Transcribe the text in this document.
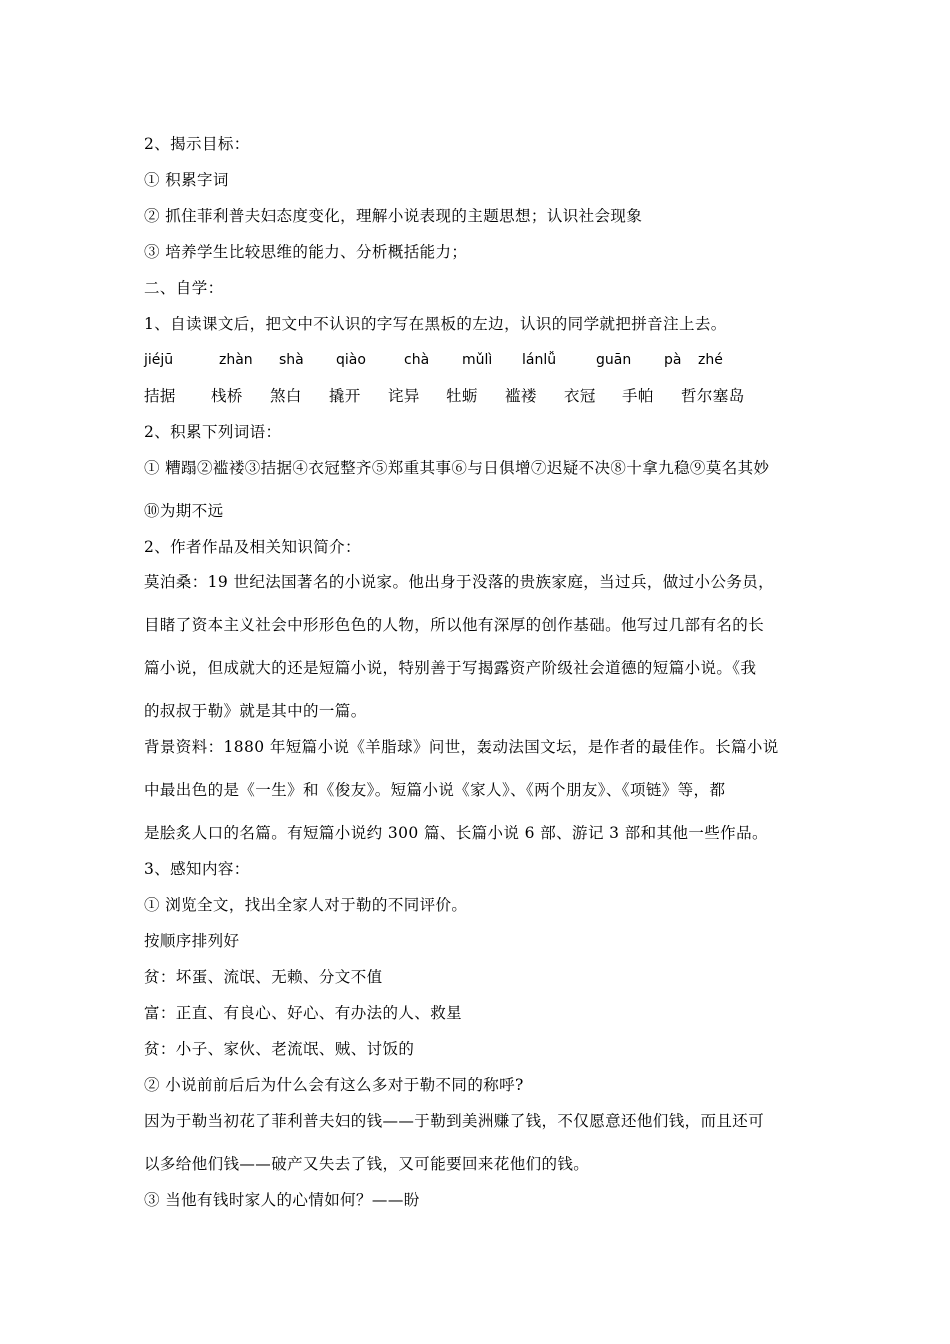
2、揭示目标：
① 积累字词
② 抓住菲利普夫妇态度变化，理解小说表现的主题思想；认识社会现象
③ 培养学生比较思维的能力、分析概括能力；
二、自学：
1、自读课文后，把文中不认识的字写在黑板的左边，认识的同学就把拼音注上去。
jiéjū	zhàn shà qiào	chà mǔlì lánlǚ	guān pà zhé
拮据 栈桥 煞白 撬开 诧异 牡蛎 褴褛 衣冠 手帕 哲尔塞岛
2、积累下列词语：
① 糟蹋②褴褛③拮据④衣冠整齐⑤郑重其事⑥与日俱增⑦迟疑不决⑧十拿九稳⑨莫名其妙
⑩为期不远
2、作者作品及相关知识简介：
莫泊桑：19 世纪法国著名的小说家。他出身于没落的贵族家庭，当过兵，做过小公务员，
目睹了资本主义社会中形形色色的人物，所以他有深厚的创作基础。他写过几部有名的长
篇小说，但成就大的还是短篇小说，特别善于写揭露资产阶级社会道德的短篇小说。《我
的叔叔于勒》就是其中的一篇。
背景资料：1880 年短篇小说《羊脂球》问世，轰动法国文坛，是作者的最佳作。长篇小说
中最出色的是《一生》和《俊友》。短篇小说《家人》、《两个朋友》、《项链》等，都
是脍炙人口的名篇。有短篇小说约 300 篇、长篇小说 6 部、游记 3 部和其他一些作品。
3、感知内容：
① 浏览全文，找出全家人对于勒的不同评价。
按顺序排列好
贫：坏蛋、流氓、无赖、分文不值
富：正直、有良心、好心、有办法的人、救星
贫：小子、家伙、老流氓、贼、讨饭的
② 小说前前后后为什么会有这么多对于勒不同的称呼?
因为于勒当初花了菲利普夫妇的钱——于勒到美洲赚了钱，不仅愿意还他们钱，而且还可
以多给他们钱——破产又失去了钱，又可能要回来花他们的钱。
③ 当他有钱时家人的心情如何？——盼
